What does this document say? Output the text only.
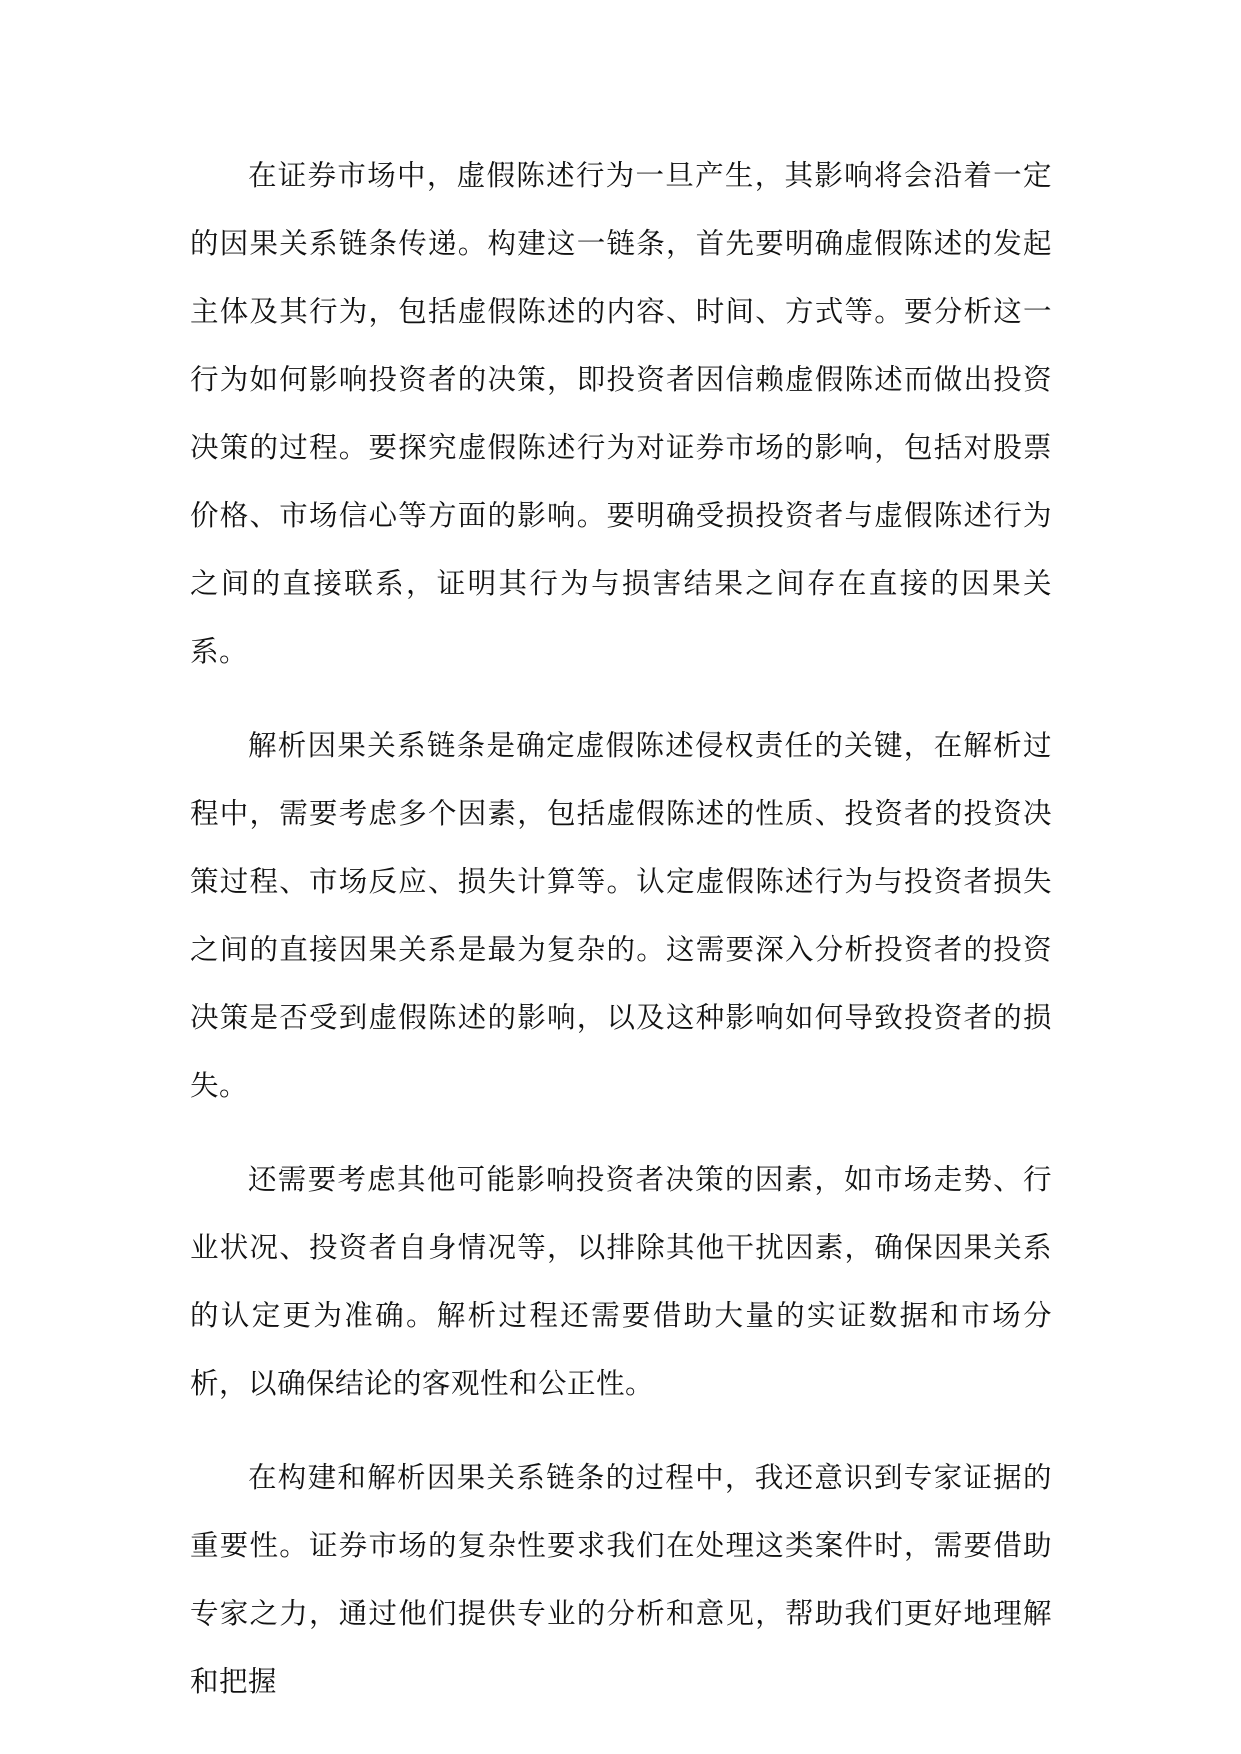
在证券市场中，虚假陈述行为一旦产生，其影响将会沿着一定的因果关系链条传递。构建这一链条，首先要明确虚假陈述的发起主体及其行为，包括虚假陈述的内容、时间、方式等。要分析这一行为如何影响投资者的决策，即投资者因信赖虚假陈述而做出投资决策的过程。要探究虚假陈述行为对证券市场的影响，包括对股票价格、市场信心等方面的影响。要明确受损投资者与虚假陈述行为之间的直接联系，证明其行为与损害结果之间存在直接的因果关系。

解析因果关系链条是确定虚假陈述侵权责任的关键，在解析过程中，需要考虑多个因素，包括虚假陈述的性质、投资者的投资决策过程、市场反应、损失计算等。认定虚假陈述行为与投资者损失之间的直接因果关系是最为复杂的。这需要深入分析投资者的投资决策是否受到虚假陈述的影响，以及这种影响如何导致投资者的损失。

还需要考虑其他可能影响投资者决策的因素，如市场走势、行业状况、投资者自身情况等，以排除其他干扰因素，确保因果关系的认定更为准确。解析过程还需要借助大量的实证数据和市场分析，以确保结论的客观性和公正性。

在构建和解析因果关系链条的过程中，我还意识到专家证据的重要性。证券市场的复杂性要求我们在处理这类案件时，需要借助专家之力，通过他们提供专业的分析和意见，帮助我们更好地理解和把握
